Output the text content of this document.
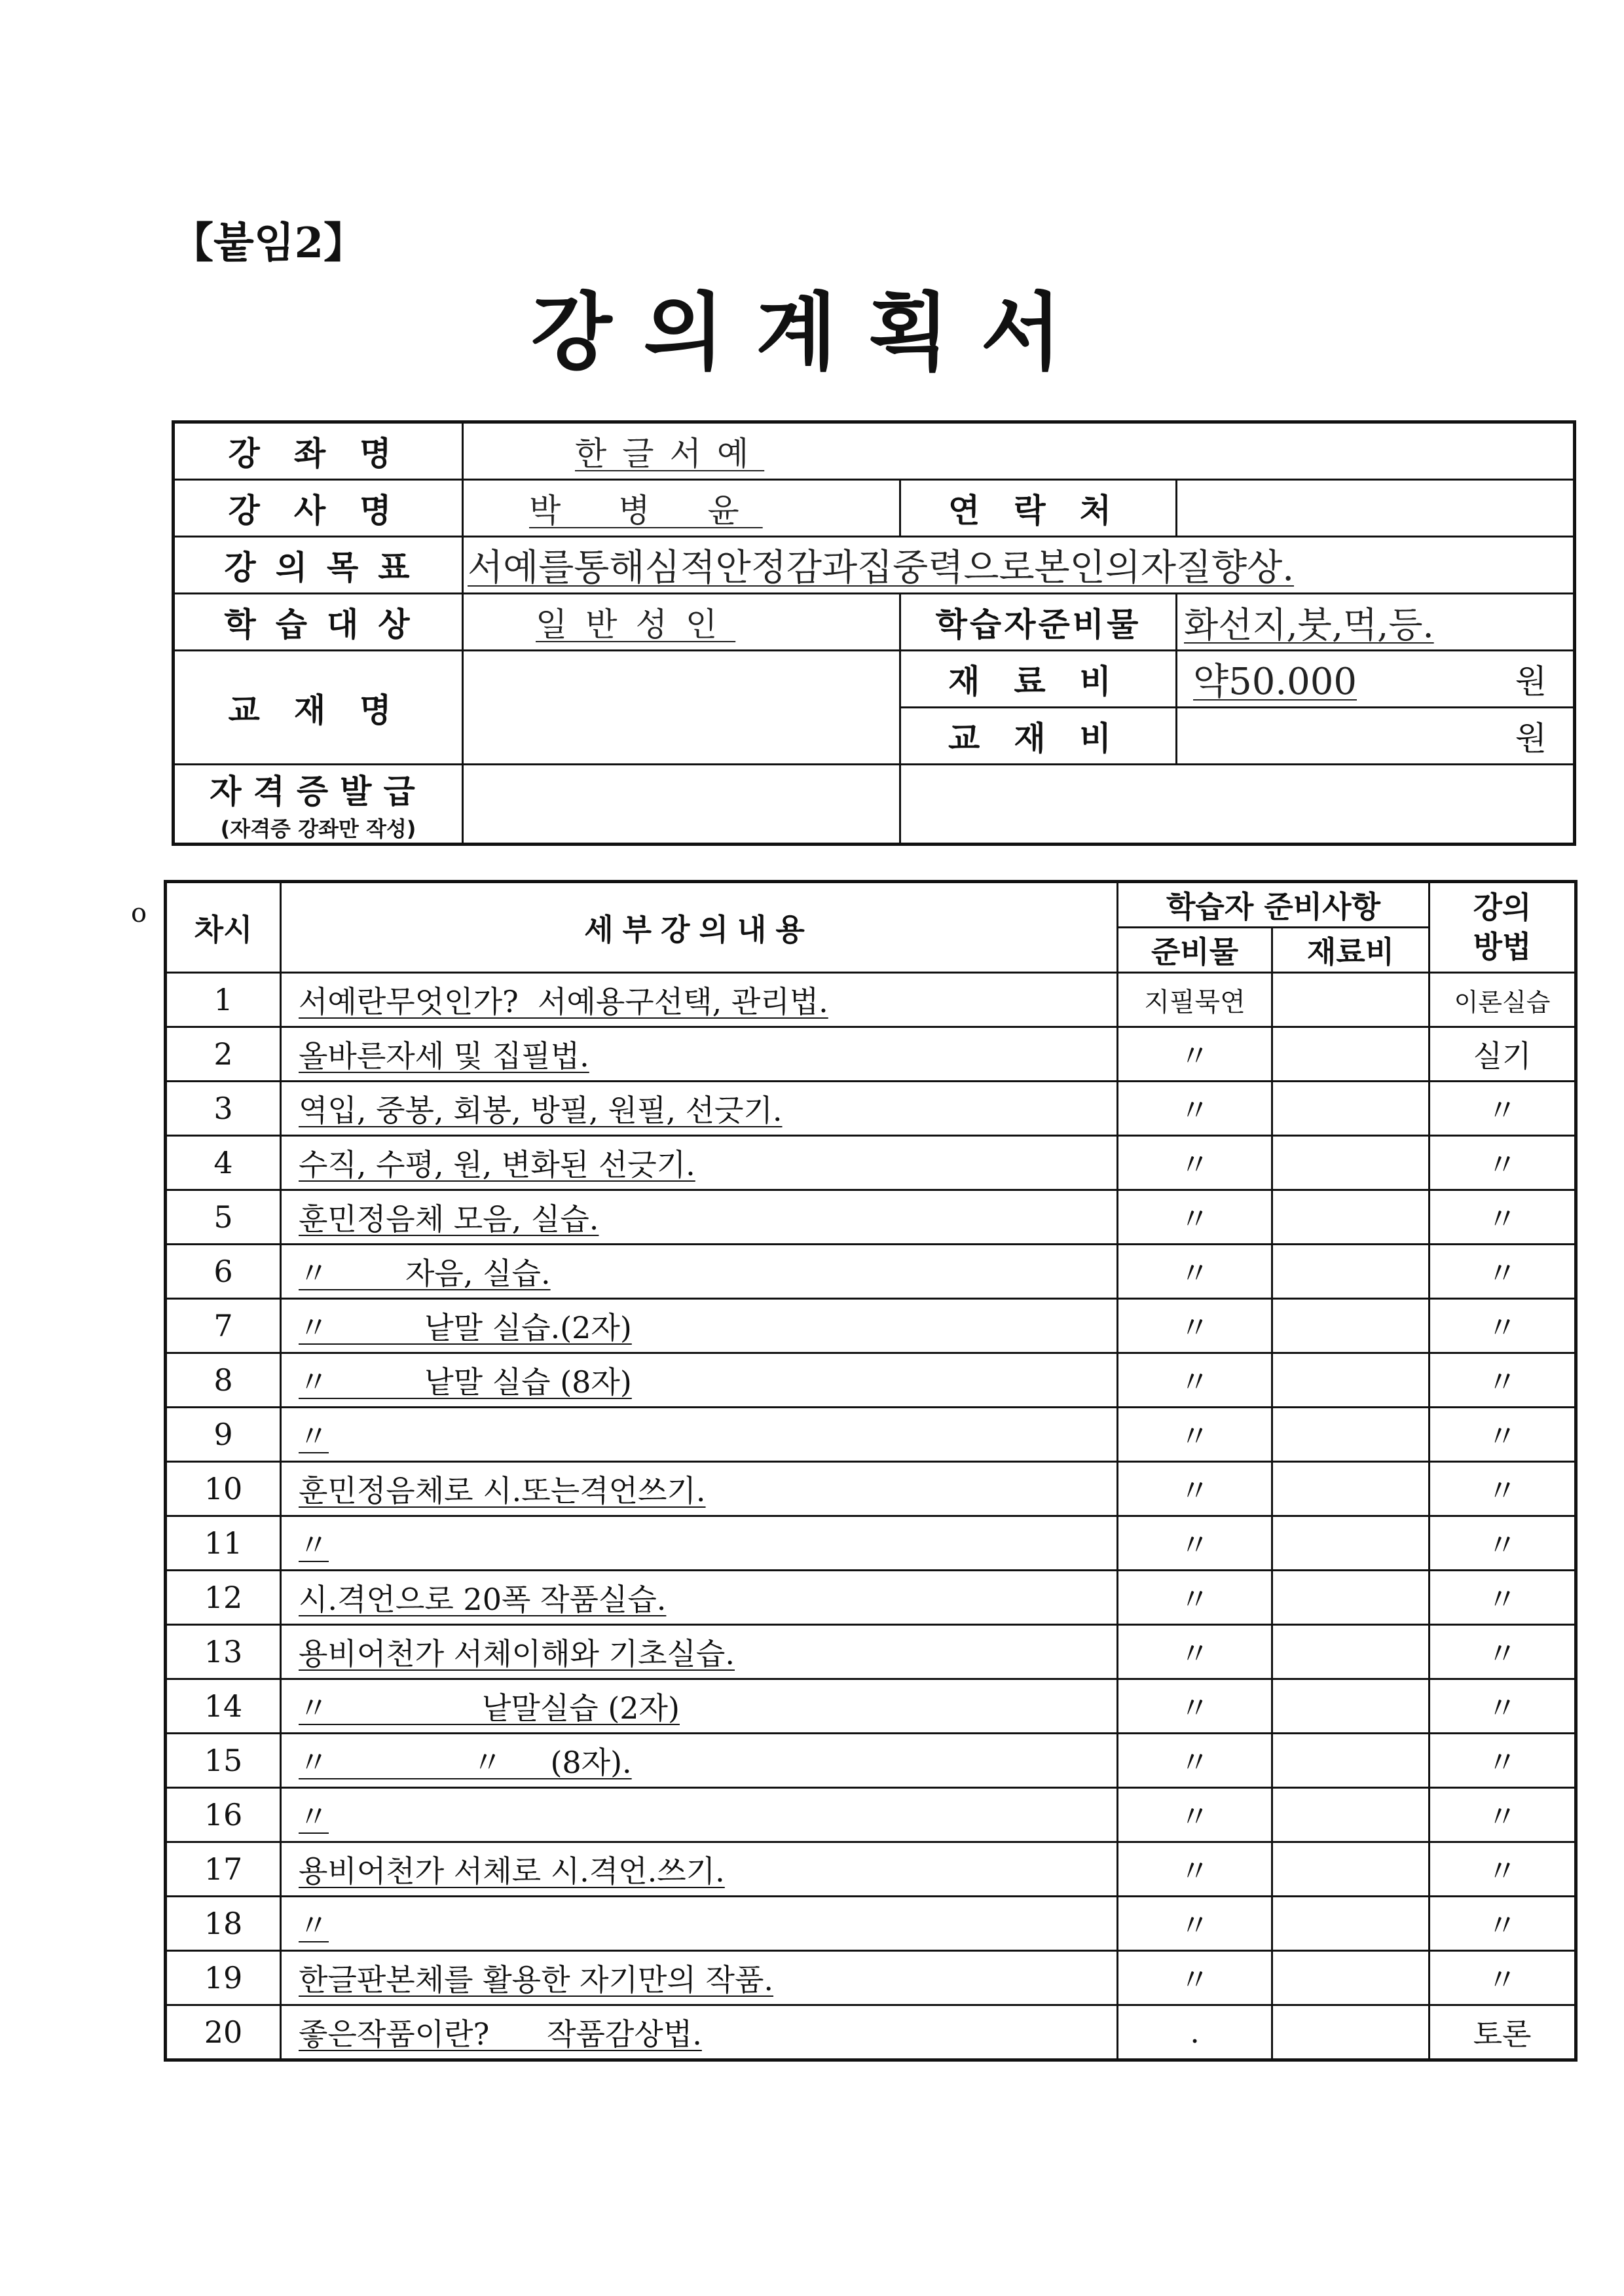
【붙임2】
강의계획서
강좌명	한글서예		
강사명	박 병 윤	연락처	
강의목표	서예를통해심적안정감과집중력으로본인의자질향상.		
학습대상	일반성인	학습자준비물	화선지,붓,먹,등.
교재명		재료비	약50.000 원

		교재비	원

자격증발급
(자격증 강좌만 작성)			

o 차시	세부강의내용	학습자 준비사항		강의
방법
		준비물	재료비	
1	서예란무엇인가?  서예용구선택, 관리법.	지필묵연		이론실습
2	올바른자세 및 집필법.	〃		실기
3	역입, 중봉, 회봉, 방필, 원필, 선긋기.	〃		〃
4	수직, 수평, 원, 변화된 선긋기.	〃		〃
5	훈민정음체 모음, 실습.	〃		〃
6	〃        자음, 실습.	〃		〃
7	〃          낱말 실습.(2자)	〃		〃
8	〃          낱말 실습 (8자)	〃		〃
9	〃	〃		〃
10	훈민정음체로 시.또는격언쓰기.	〃		〃
11	〃	〃		〃
12	시.격언으로 20폭 작품실습.	〃		〃
13	용비어천가 서체이해와 기초실습.	〃		〃
14	〃                낱말실습 (2자)	〃		〃
15	〃               〃     (8자).	〃		〃
16	〃	〃		〃
17	용비어천가 서체로 시.격언.쓰기.	〃		〃
18	〃	〃		〃
19	한글판본체를 활용한 자기만의 작품.	〃		〃
20	좋은작품이란?      작품감상법.	.		토론
